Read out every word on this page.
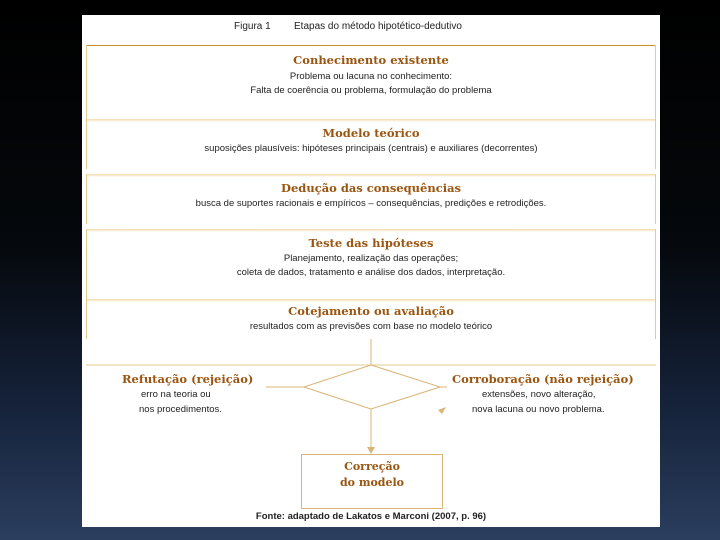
Figura 1 Etapas do método hipotético-dedutivo
Conhecimento existente
Problema ou lacuna no conhecimento:
Falta de coerência ou problema, formulação do problema
Modelo teórico
suposições plausíveis: hipóteses principais (centrais) e auxiliares (decorrentes)
Dedução das consequências
busca de suportes racionais e empíricos – consequências, predições e retrodições.
Teste das hipóteses
Planejamento, realização das operações;
coleta de dados, tratamento e análise dos dados, interpretação.
Cotejamento ou avaliação
resultados com as previsões com base no modelo teórico
Refutação (rejeição)
erro na teoria ou
nos procedimentos.
Corroboração (não rejeição)
extensões, novo alteração,
nova lacuna ou novo problema.
Correção
do modelo
Fonte: adaptado de Lakatos e Marconi (2007, p. 96)
